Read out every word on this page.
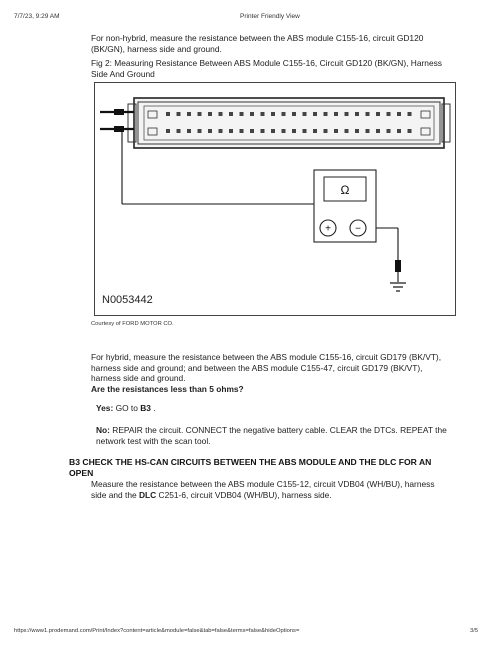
7/7/23, 9:29 AM	Printer Friendly View
For non-hybrid, measure the resistance between the ABS module C155-16, circuit GD120 (BK/GN), harness side and ground.
Fig 2: Measuring Resistance Between ABS Module C155-16, Circuit GD120 (BK/GN), Harness Side And Ground
Ω
+ −
N0053442
Courtesy of FORD MOTOR CO.
For hybrid, measure the resistance between the ABS module C155-16, circuit GD179 (BK/VT), harness side and ground; and between the ABS module C155-47, circuit GD179 (BK/VT), harness side and ground.
Are the resistances less than 5 ohms?
Yes: GO to B3 .
No: REPAIR the circuit. CONNECT the negative battery cable. CLEAR the DTCs. REPEAT the network test with the scan tool.
B3 CHECK THE HS-CAN CIRCUITS BETWEEN THE ABS MODULE AND THE DLC FOR AN OPEN
Measure the resistance between the ABS module C155-12, circuit VDB04 (WH/BU), harness side and the DLC C251-6, circuit VDB04 (WH/BU), harness side.
https://www1.prodemand.com/Print/Index?content=article&module=false&tab=false&terms=false&hideOptions=	3/5
